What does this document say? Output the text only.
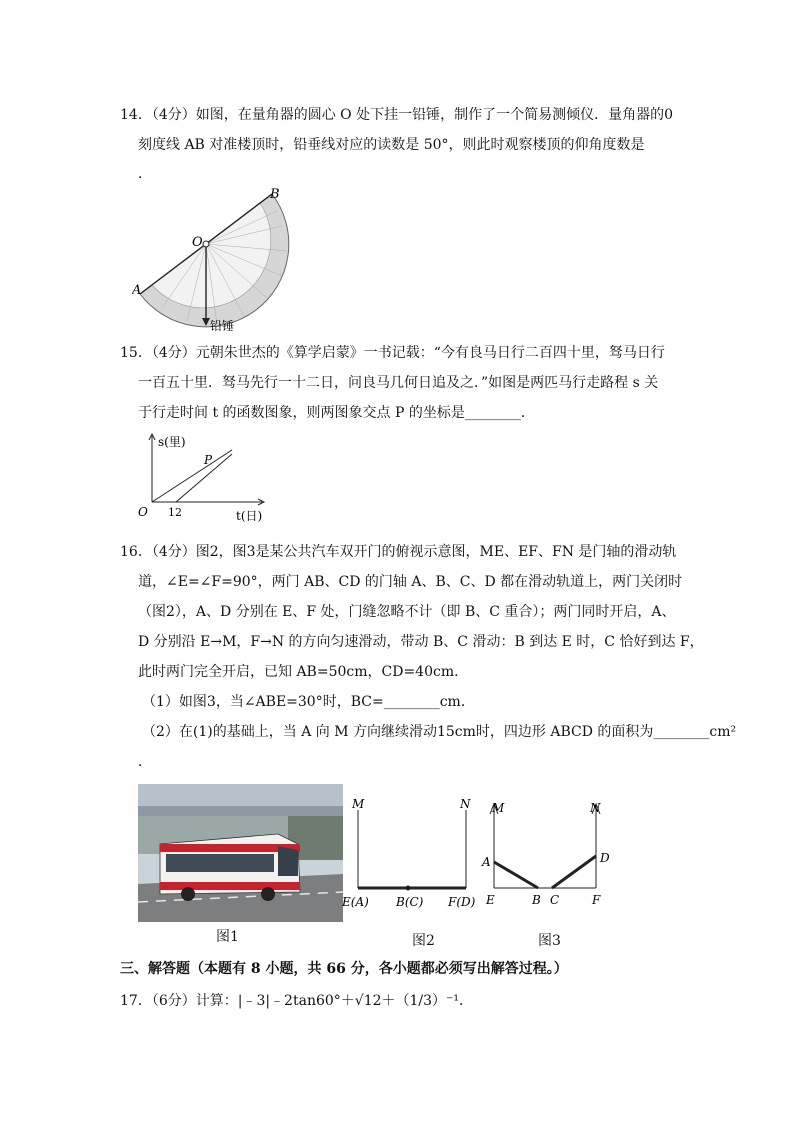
14．（4分）如图，在量角器的圆心 O 处下挂一铅锤，制作了一个简易测倾仪．量角器的0
刻度线 AB 对准楼顶时，铅垂线对应的读数是 50°，则此时观察楼顶的仰角度数是
．
A
B
O
铅锤
15．（4分）元朝朱世杰的《算学启蒙》一书记载：“今有良马日行二百四十里，驽马日行
一百五十里．驽马先行一十二日，问良马几何日追及之．”如图是两匹马行走路程 s 关
于行走时间 t 的函数图象，则两图象交点 P 的坐标是________．
s(里)
t(日)
O 12
P
16．（4分）图2，图3是某公共汽车双开门的俯视示意图，ME、EF、FN 是门轴的滑动轨
道，∠E=∠F=90°，两门 AB、CD 的门轴 A、B、C、D 都在滑动轨道上，两门关闭时
（图2），A、D 分别在 E、F 处，门缝忽略不计（即 B、C 重合）；两门同时开启，A、
D 分别沿 E→M，F→N 的方向匀速滑动，带动 B、C 滑动：B 到达 E 时，C 恰好到达 F，
此时两门完全开启，已知 AB=50cm，CD=40cm．
（1）如图3，当∠ABE=30°时，BC=________cm．
（2）在(1)的基础上，当 A 向 M 方向继续滑动15cm时，四边形 ABCD 的面积为________cm²
．
图1
M	N
E(A) B(C) F(D)
图2
M	N
A	D
E	B C	F
图3
三、解答题（本题有 8 小题，共 66 分，各小题都必须写出解答过程。）
17．（6分）计算：|﹣3|﹣2tan60°＋√12＋（1/3）⁻¹．
